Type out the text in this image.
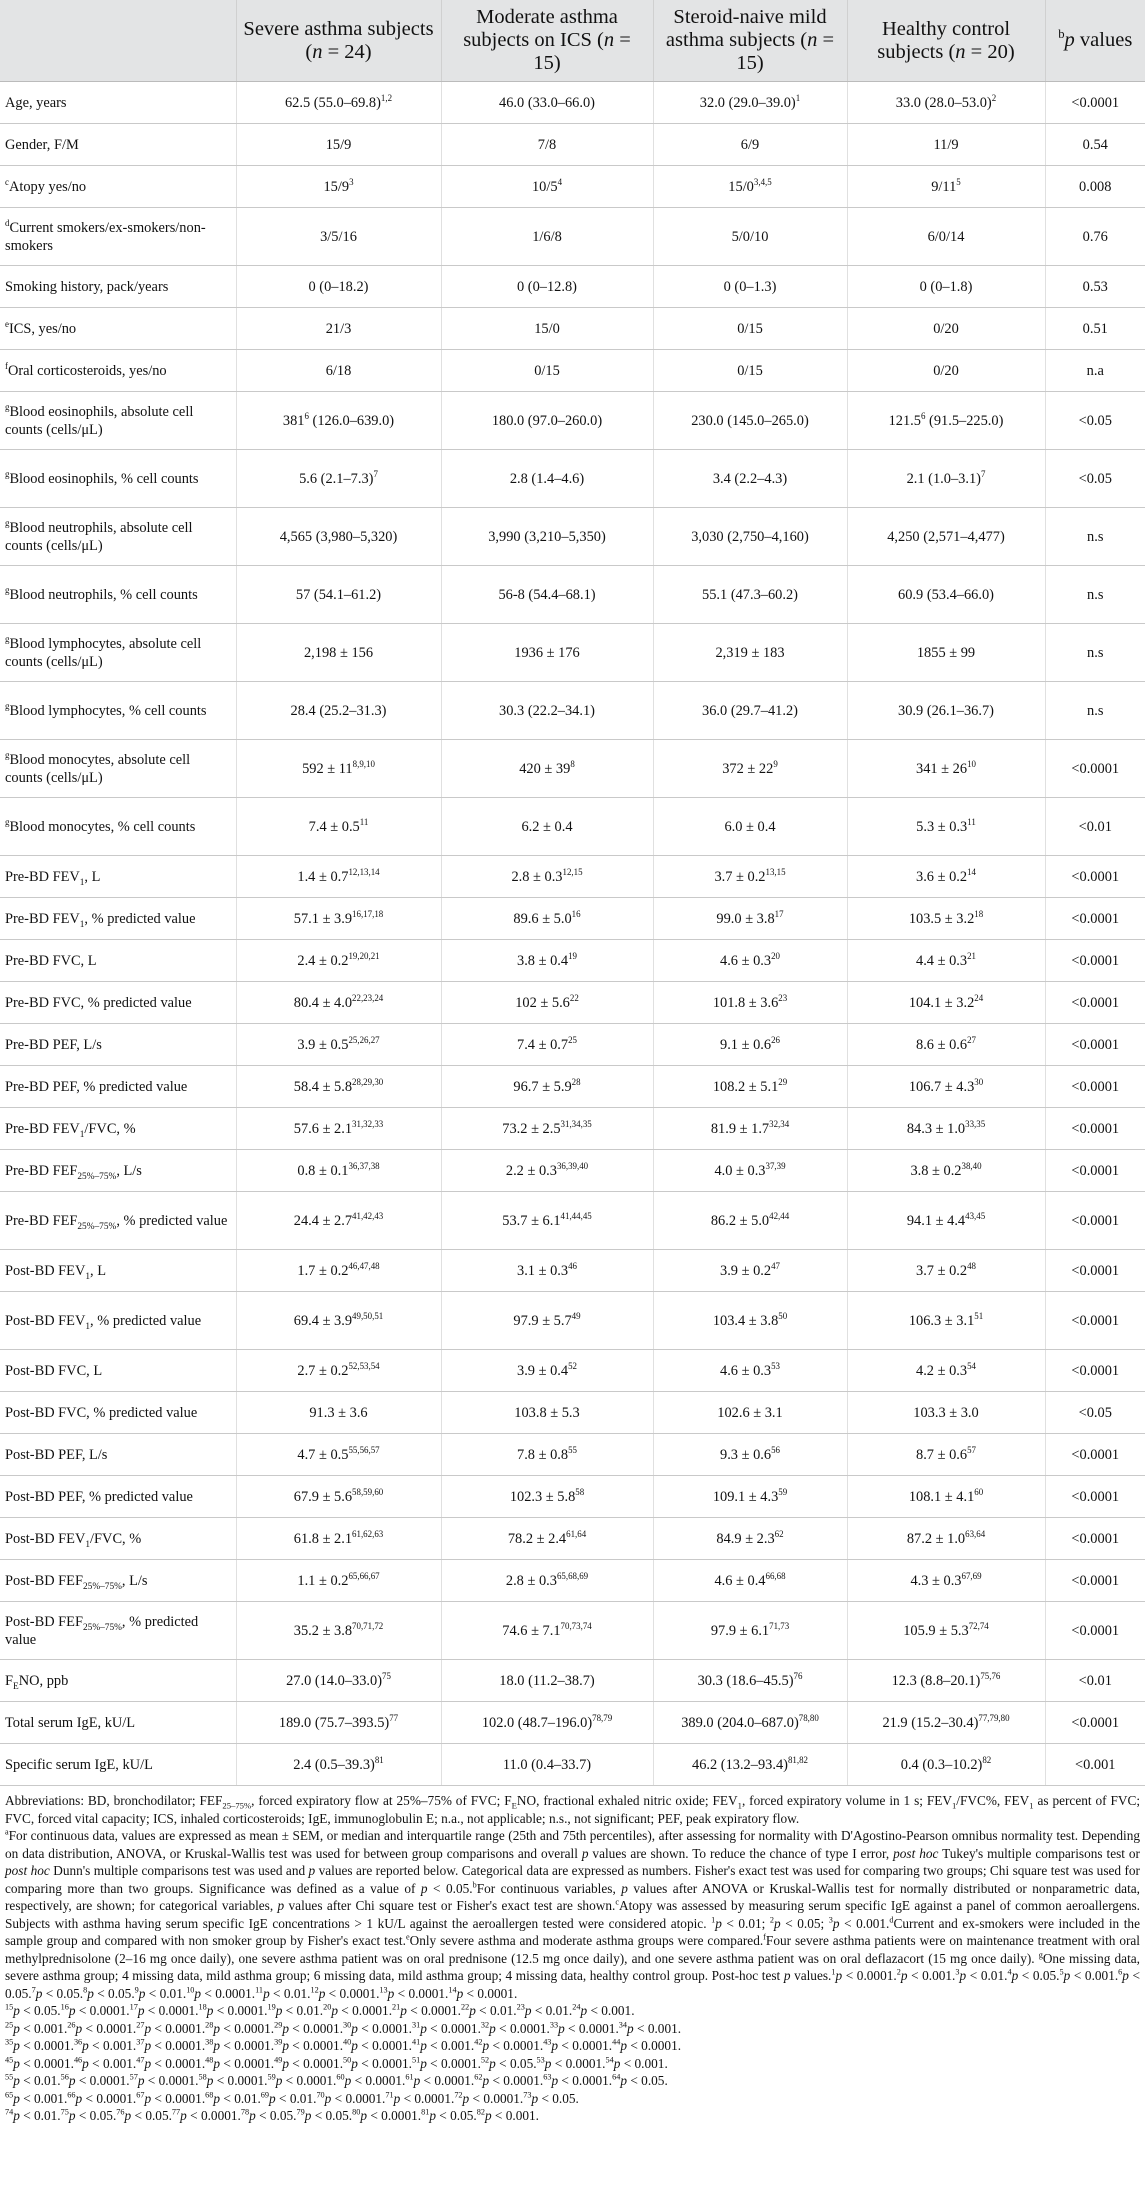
	Severe asthma subjects (n = 24)	Moderate asthma subjects on ICS (n = 15)	Steroid-naive mild asthma subjects (n = 15)	Healthy control subjects (n = 20)	$^b$p values
Age, years	62.5 $(55.0-69.8)^{1,2}$	46.0 (33.0–66.0)	32.0 $(29.0-39.0)^1$	33.0 $(28.0-53.0)^2$	<0.0001
Gender, F/M	15/9	7/8	6/9	11/9	0.54
$^c$Atopy yes/no	$15/9^3$	$10/5^4$	15/0$^{3,4,5}$	$9/11^5$	0.008
$^d$Current smokers/ex-smokers/non-smokers	3/5/16	1/6/8	5/0/10	6/0/14	0.76
Smoking history, pack/years	0 (0–18.2)	0 (0–12.8)	0 (0–1.3)	0 (0–1.8)	0.53
$^e$ICS, yes/no	21/3	15/0	0/15	0/20	0.51
$^f$Oral corticosteroids, yes/no	6/18	0/15	0/15	0/20	n.a
$^g$Blood eosinophils, absolute cell counts (cells/μL)	$381^6$ (126.0–639.0)	180.0 (97.0–260.0)	230.0 (145.0–265.0)	121.5$^6$ (91.5–225.0)	<0.05
$^g$Blood eosinophils, % cell counts	5.6 $(2.1-7.3)^7$	2.8 (1.4–4.6)	3.4 (2.2–4.3)	2.1 $(1.0-3.1)^7$	<0.05
$^g$Blood neutrophils, absolute cell counts (cells/μL)	4,565 (3,980–5,320)	3,990 (3,210–5,350)	3,030 (2,750–4,160)	4,250 (2,571–4,477)	n.s
$^g$Blood neutrophils, % cell counts	57 (54.1–61.2)	56-8 (54.4–68.1)	55.1 (47.3–60.2)	60.9 (53.4–66.0)	n.s
$^g$Blood lymphocytes, absolute cell counts (cells/μL)	2,198 ± 156	1936 ± 176	2,319 ± 183	1855 ± 99	n.s
$^g$Blood lymphocytes, % cell counts	28.4 (25.2–31.3)	30.3 (22.2–34.1)	36.0 (29.7–41.2)	30.9 (26.1–36.7)	n.s
$^g$Blood monocytes, absolute cell counts (cells/μL)	$592 \pm 11^{8,9,10}$	$420 \pm 39^8$	$372 \pm 22^9$	$341 \pm 26^{10}$	<0.0001
$^g$Blood monocytes, % cell counts	$7.4 \pm 0.5^{11}$	6.2 ± 0.4	6.0 ± 0.4	$5.3 \pm 0.3^{11}$	<0.01
Pre-BD $FEV_1$, L	$1.4 \pm 0.7^{12,13,14}$	$2.8 \pm 0.3^{12,15}$	$3.7 \pm 0.2^{13,15}$	$3.6 \pm 0.2^{14}$	<0.0001
Pre-BD $FEV_1$, % predicted value	$57.1 \pm 3.9^{16,17,18}$	$89.6 \pm 5.0^{16}$	$99.0 \pm 3.8^{17}$	$103.5 \pm 3.2^{18}$	<0.0001
Pre-BD FVC, L	$2.4 \pm 0.2^{19,20,21}$	$3.8 \pm 0.4^{19}$	$4.6 \pm 0.3^{20}$	$4.4 \pm 0.3^{21}$	<0.0001
Pre-BD FVC, % predicted value	$80.4 \pm 4.0^{22,23,24}$	$102 \pm 5.6^{22}$	$101.8 \pm 3.6^{23}$	$104.1 \pm 3.2^{24}$	<0.0001
Pre-BD PEF, L/s	$3.9 \pm 0.5^{25,26,27}$	$7.4 \pm 0.7^{25}$	$9.1 \pm 0.6^{26}$	$8.6 \pm 0.6^{27}$	<0.0001
Pre-BD PEF, % predicted value	$58.4 \pm 5.8^{28,29,30}$	$96.7 \pm 5.9^{28}$	$108.2 \pm 5.1^{29}$	$106.7 \pm 4.3^{30}$	<0.0001
Pre-BD $FEV_1$/FVC, %	$57.6 \pm 2.1^{31,32,33}$	$73.2 \pm 2.5^{31,34,35}$	$81.9 \pm 1.7^{32,34}$	$84.3 \pm 1.0^{33,35}$	<0.0001
Pre-BD $FEF_{25\%-75\%}$, L/s	$0.8 \pm 0.1^{36,37,38}$	$2.2 \pm 0.3^{36,39,40}$	$4.0 \pm 0.3^{37,39}$	$3.8 \pm 0.2^{38,40}$	<0.0001
Pre-BD $FEF_{25\%-75\%}$, % predicted value	$24.4 \pm 2.7^{41,42,43}$	$53.7 \pm 6.1^{41,44,45}$	$86.2 \pm 5.0^{42,44}$	$94.1 \pm 4.4^{43,45}$	<0.0001
Post-BD $FEV_1$, L	$1.7 \pm 0.2^{46,47,48}$	$3.1 \pm 0.3^{46}$	$3.9 \pm 0.2^{47}$	$3.7 \pm 0.2^{48}$	<0.0001
Post-BD $FEV_1$, % predicted value	$69.4 \pm 3.9^{49,50,51}$	$97.9 \pm 5.7^{49}$	$103.4 \pm 3.8^{50}$	$106.3 \pm 3.1^{51}$	<0.0001
Post-BD FVC, L	$2.7 \pm 0.2^{52,53,54}$	$3.9 \pm 0.4^{52}$	$4.6 \pm 0.3^{53}$	$4.2 \pm 0.3^{54}$	<0.0001
Post-BD FVC, % predicted value	91.3 ± 3.6	103.8 ± 5.3	102.6 ± 3.1	103.3 ± 3.0	<0.05
Post-BD PEF, L/s	$4.7 \pm 0.5^{55,56,57}$	$7.8 \pm 0.8^{55}$	$9.3 \pm 0.6^{56}$	$8.7 \pm 0.6^{57}$	<0.0001
Post-BD PEF, % predicted value	$67.9 \pm 5.6^{58,59,60}$	$102.3 \pm 5.8^{58}$	$109.1 \pm 4.3^{59}$	$108.1 \pm 4.1^{60}$	<0.0001
Post-BD $FEV_1$/FVC, %	$61.8 \pm 2.1^{61,62,63}$	$78.2 \pm 2.4^{61,64}$	$84.9 \pm 2.3^{62}$	$87.2 \pm 1.0^{63,64}$	<0.0001
Post-BD $FEF_{25\%-75\%}$, L/s	$1.1 \pm 0.2^{65,66,67}$	$2.8 \pm 0.3^{65,68,69}$	$4.6 \pm 0.4^{66,68}$	$4.3 \pm 0.3^{67,69}$	<0.0001
Post-BD $FEF_{25\%-75\%}$, % predicted value	$35.2 \pm 3.8^{70,71,72}$	$74.6 \pm 7.1^{70,73,74}$	$97.9 \pm 6.1^{71,73}$	$105.9 \pm 5.3^{72,74}$	<0.0001
$F_ENO$, ppb	27.0 $(14.0-33.0)^{75}$	18.0 (11.2–38.7)	30.3 $(18.6-45.5)^{76}$	12.3 $(8.8-20.1)^{75,76}$	<0.01
Total serum IgE, kU/L	189.0 $(75.7-393.5)^{77}$	102.0 $(48.7-196.0)^{78,79}$	389.0 $(204.0-687.0)^{78,80}$	21.9 $(15.2-30.4)^{77,79,80}$	<0.0001
Specific serum IgE, kU/L	2.4 $(0.5-39.3)^{81}$	11.0 (0.4–33.7)	46.2 $(13.2-93.4)^{81,82}$	0.4 $(0.3-10.2)^{82}$	<0.001

Abbreviations: BD, bronchodilator; $FEF_{25-75\%}$, forced expiratory flow at 25%–75% of FVC; $F_ENO$, fractional exhaled nitric oxide; $FEV_1$, forced expiratory volume in 1 s; $FEV_1/FVC\%$, $FEV_1$ as percent of FVC; FVC, forced vital capacity; ICS, inhaled corticosteroids; IgE, immunoglobulin E; n.a., not applicable; n.s., not significant; PEF, peak expiratory flow.

$^a$For continuous data, values are expressed as mean ± SEM, or median and interquartile range (25th and 75th percentiles), after assessing for normality with D'Agostino-Pearson omnibus normality test. Depending on data distribution, ANOVA, or Kruskal-Wallis test was used for between group comparisons and overall p values are shown. To reduce the chance of type I error, post hoc Tukey's multiple comparisons test or post hoc Dunn's multiple comparisons test was used and p values are reported below. Categorical data are expressed as numbers. Fisher's exact test was used for comparing two groups; Chi square test was used for comparing more than two groups. Significance was defined as a value of p < 0.05.$^b$For continuous variables, p values after ANOVA or Kruskal-Wallis test for normally distributed or nonparametric data, respectively, are shown; for categorical variables, p values after Chi square test or Fisher's exact test are shown.$^c$Atopy was assessed by measuring serum specific IgE against a panel of common aeroallergens. Subjects with asthma having serum specific IgE concentrations > 1 kU/L against the aeroallergen tested were considered atopic. $^1$p < 0.01; $^2$p < 0.05; $^3$p < 0.001.$^d$Current and ex-smokers were included in the sample group and compared with non smoker group by Fisher's exact test.$^e$Only severe asthma and moderate asthma groups were compared.$^f$Four severe asthma patients were on maintenance treatment with oral methylprednisolone (2–16 mg once daily), one severe asthma patient was on oral prednisone (12.5 mg once daily), and one severe asthma patient was on oral deflazacort (15 mg once daily). $^g$One missing data, severe asthma group; 4 missing data, mild asthma group; 6 missing data, mild asthma group; 4 missing data, healthy control group. Post-hoc test p values.$^1$p < 0.0001.$^2$p < 0.001.$^3$p < 0.01.$^4$p < 0.05.$^5$p < 0.001.$^6$p < 0.05.$^7$p < 0.05.$^8$p < 0.05.$^9$p < 0.01.10p < 0.0001.11p < 0.01.12p < 0.0001.13p < 0.0001.14p < 0.0001.

$^{15}$p < 0.05.16p < 0.0001.17p < 0.0001.18p < 0.0001.19p < 0.01.20p < 0.0001.21p < 0.0001.22p < 0.01.23p < 0.01.24p < 0.001.

$^{25}$p < 0.001.26p < 0.0001.27p < 0.0001.28p < 0.0001.29p < 0.0001.30p < 0.0001.31p < 0.0001.32p < 0.0001.33p < 0.0001.34p < 0.001.

$^{35}$p < 0.0001.36p < 0.001.37p < 0.0001.38p < 0.0001.39p < 0.0001.40p < 0.0001.41p < 0.001.42p < 0.0001.43p < 0.0001.44p < 0.0001.

$^{45}$p < 0.0001.46p < 0.001.47p < 0.0001.48p < 0.0001.49p < 0.0001.50p < 0.0001.51p < 0.0001.52p < 0.05.53p < 0.0001.54p < 0.001.

$^{55}$p < 0.01.56p < 0.0001.57p < 0.0001.58p < 0.0001.59p < 0.0001.60p < 0.0001.61p < 0.0001.62p < 0.0001.63p < 0.0001.64p < 0.05.

$^{65}$p < 0.001.66p < 0.0001.67p < 0.0001.68p < 0.01.69p < 0.01.70p < 0.0001.71p < 0.0001.72p < 0.0001.73p < 0.05.

$^{74}$p < 0.01.75p < 0.05.76p < 0.05.77p < 0.0001.78p < 0.05.79p < 0.05.80p < 0.0001.81p < 0.05.82p < 0.001.
